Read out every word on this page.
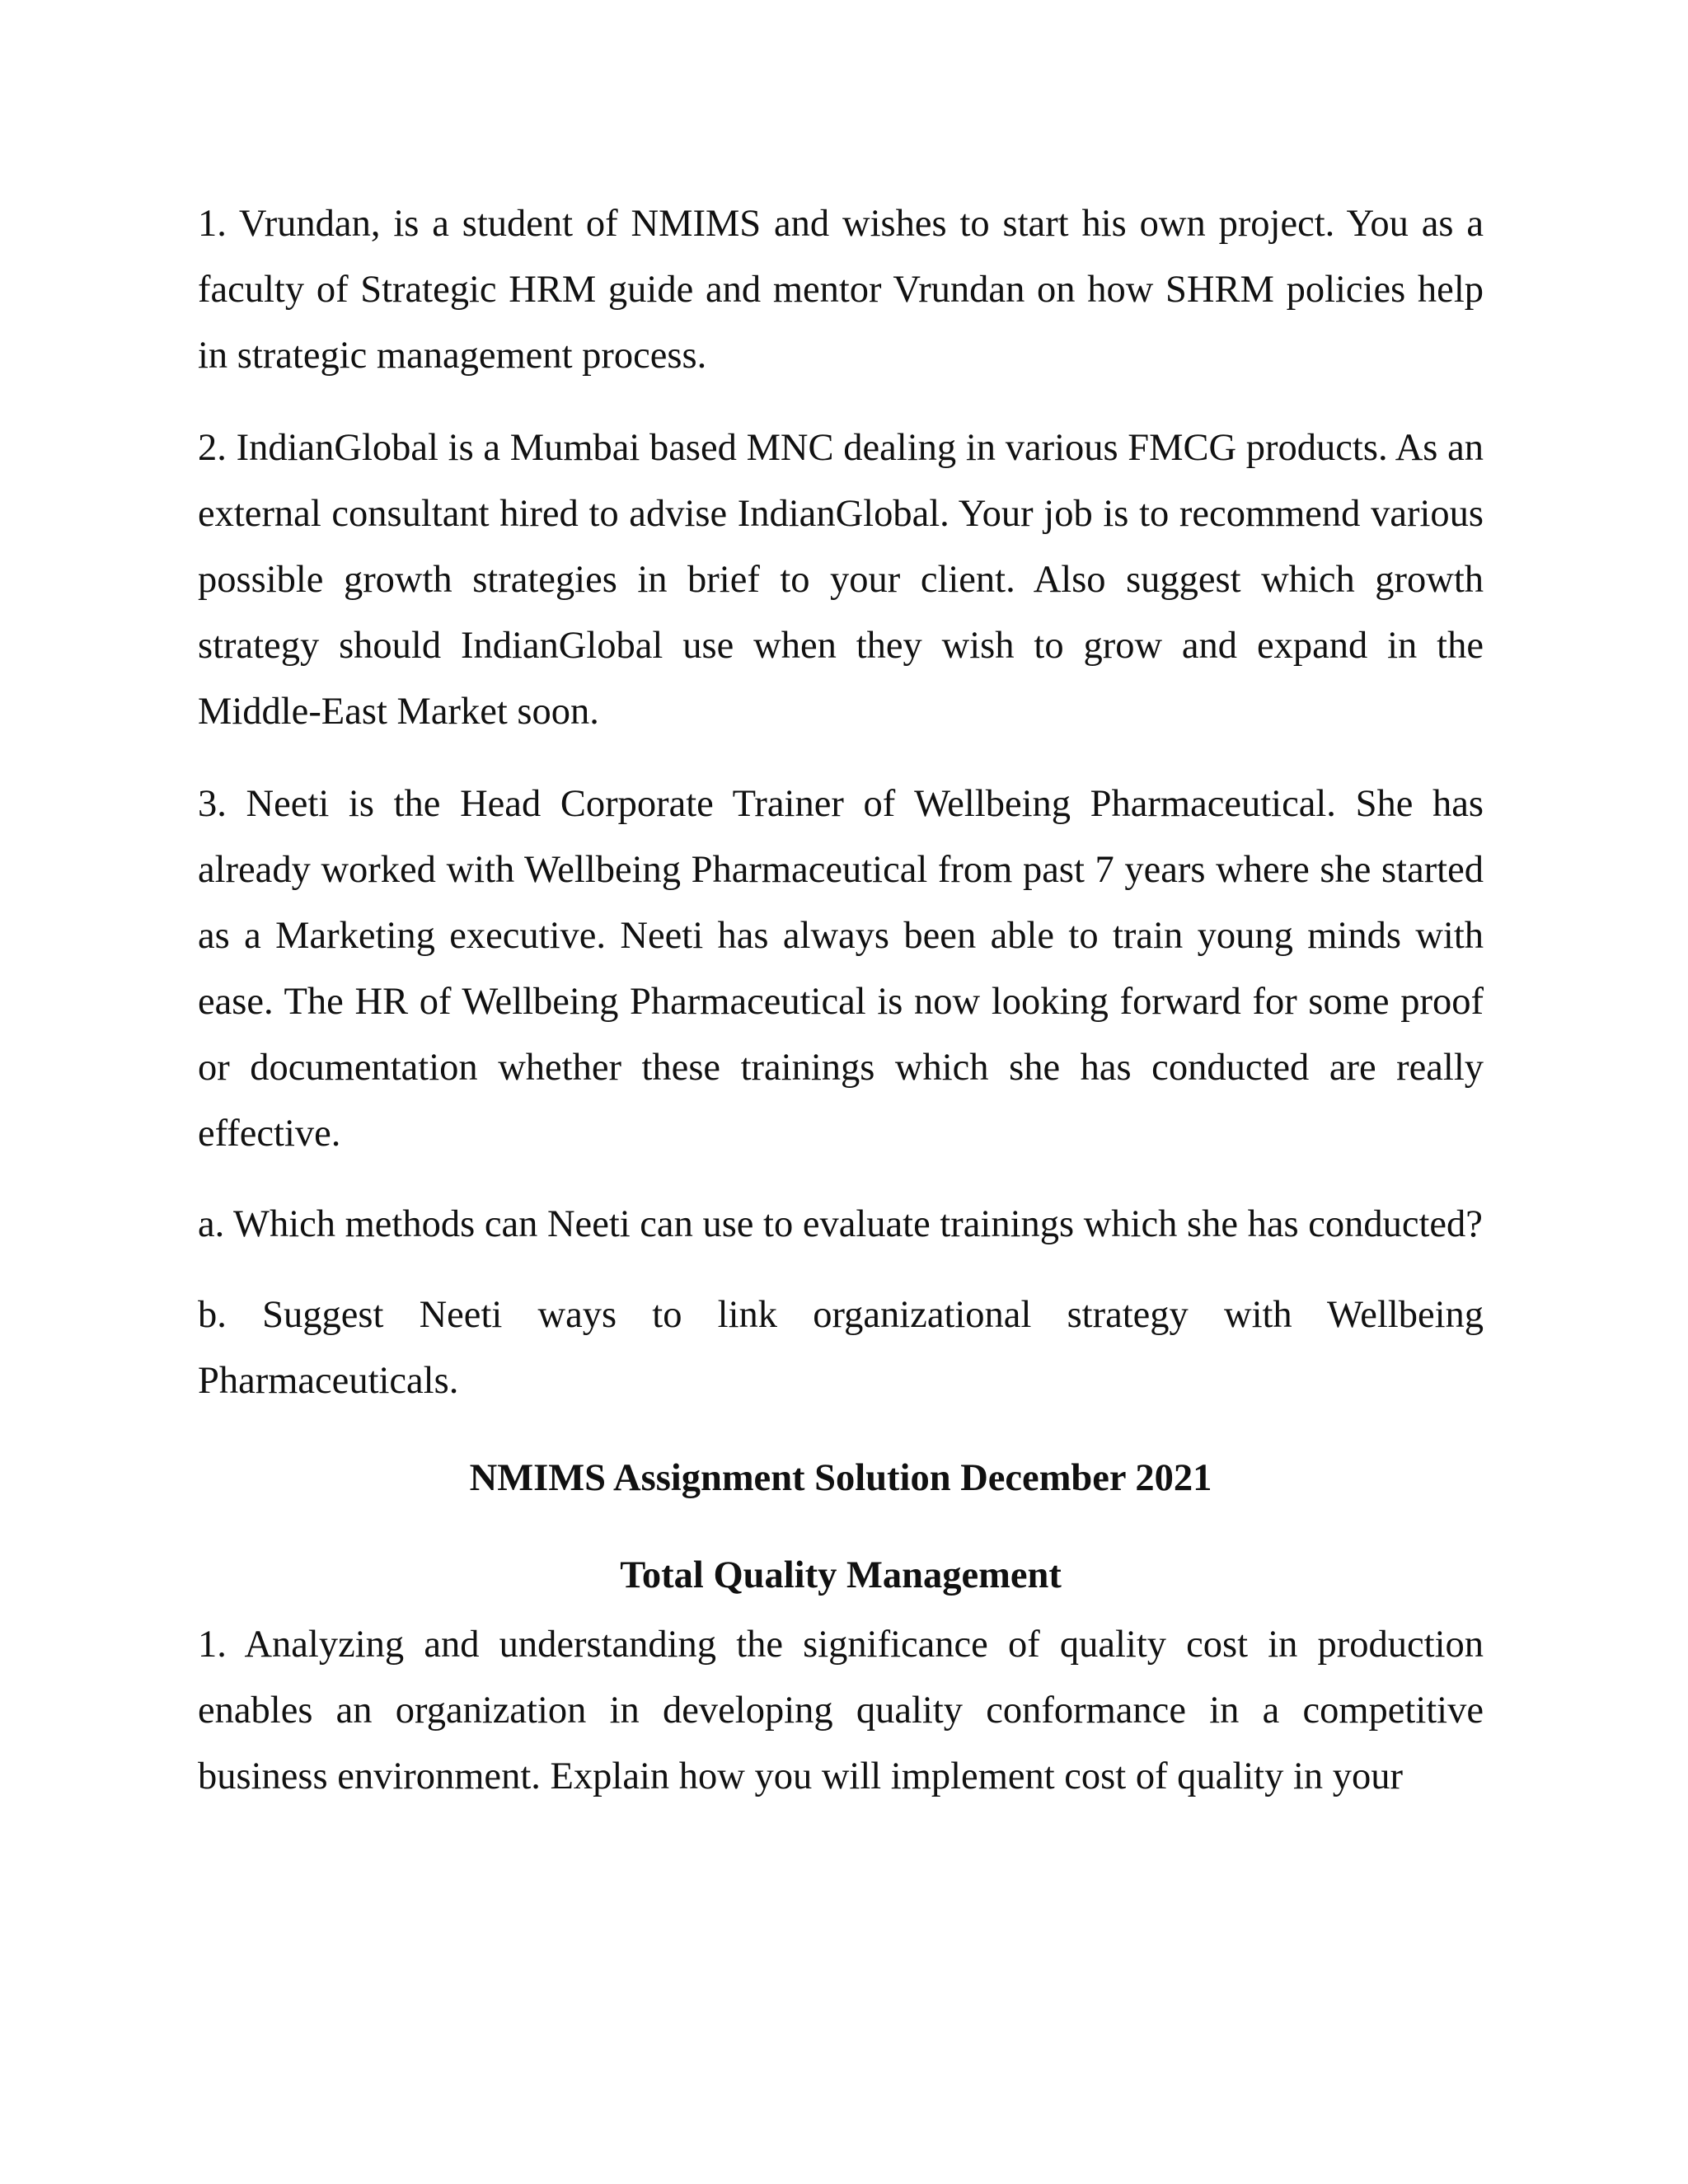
1. Vrundan, is a student of NMIMS and wishes to start his own project. You as a faculty of Strategic HRM guide and mentor Vrundan on how SHRM policies help in strategic management process.

2. IndianGlobal is a Mumbai based MNC dealing in various FMCG products. As an external consultant hired to advise IndianGlobal. Your job is to recommend various possible growth strategies in brief to your client. Also suggest which growth strategy should IndianGlobal use when they wish to grow and expand in the Middle-East Market soon.

3. Neeti is the Head Corporate Trainer of Wellbeing Pharmaceutical. She has already worked with Wellbeing Pharmaceutical from past 7 years where she started as a Marketing executive. Neeti has always been able to train young minds with ease. The HR of Wellbeing Pharmaceutical is now looking forward for some proof or documentation whether these trainings which she has conducted are really effective.

a. Which methods can Neeti can use to evaluate trainings which she has conducted?

b. Suggest Neeti ways to link organizational strategy with Wellbeing Pharmaceuticals.

NMIMS Assignment Solution December 2021
Total Quality Management

1. Analyzing and understanding the significance of quality cost in production enables an organization in developing quality conformance in a competitive business environment. Explain how you will implement cost of quality in your
